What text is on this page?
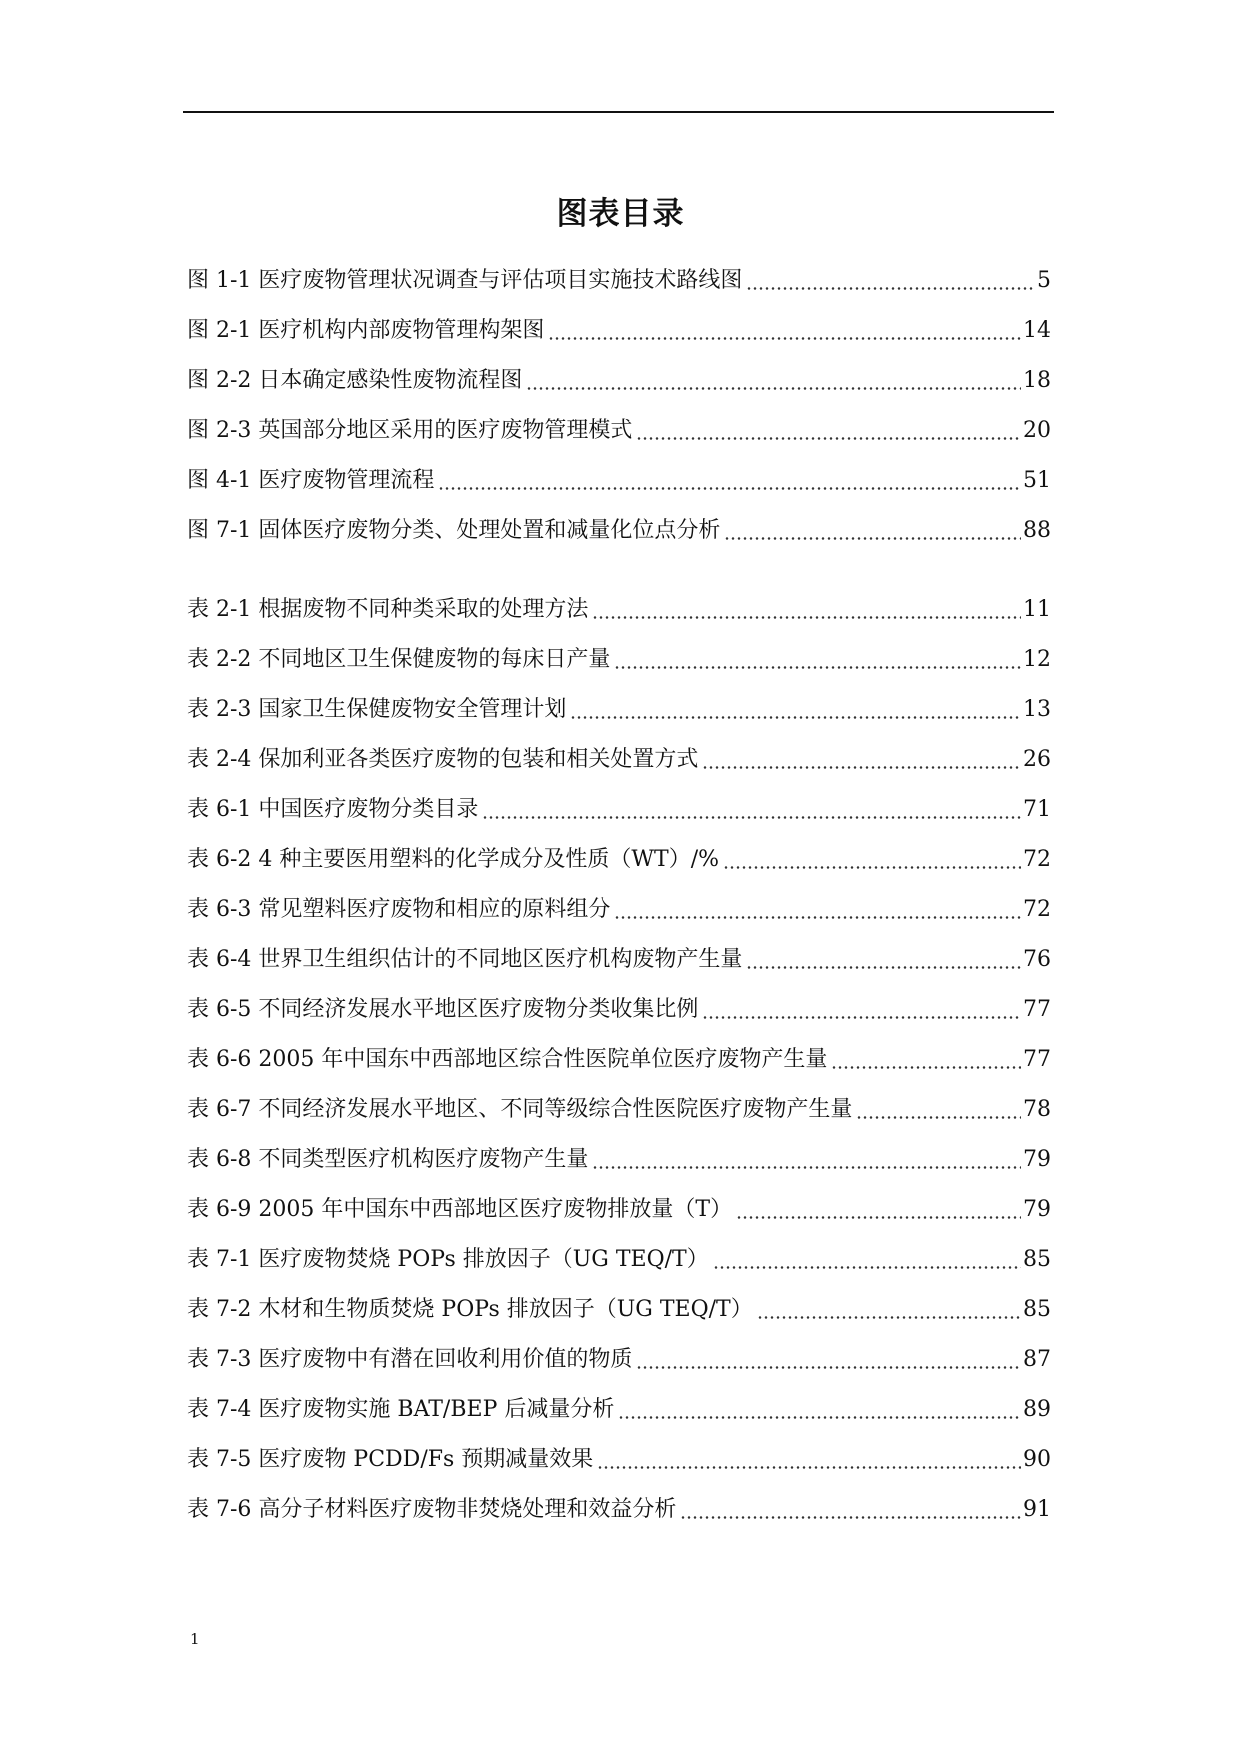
图表目录
图 1-1 医疗废物管理状况调查与评估项目实施技术路线图	5
图 2-1 医疗机构内部废物管理构架图	14
图 2-2 日本确定感染性废物流程图	18
图 2-3 英国部分地区采用的医疗废物管理模式	20
图 4-1 医疗废物管理流程	51
图 7-1 固体医疗废物分类、处理处置和减量化位点分析	88
表 2-1 根据废物不同种类采取的处理方法	11
表 2-2 不同地区卫生保健废物的每床日产量	12
表 2-3 国家卫生保健废物安全管理计划	13
表 2-4 保加利亚各类医疗废物的包装和相关处置方式	26
表 6-1 中国医疗废物分类目录	71
表 6-2 4 种主要医用塑料的化学成分及性质（WT）/%	72
表 6-3 常见塑料医疗废物和相应的原料组分	72
表 6-4 世界卫生组织估计的不同地区医疗机构废物产生量	76
表 6-5 不同经济发展水平地区医疗废物分类收集比例	77
表 6-6 2005 年中国东中西部地区综合性医院单位医疗废物产生量	77
表 6-7 不同经济发展水平地区、不同等级综合性医院医疗废物产生量	78
表 6-8 不同类型医疗机构医疗废物产生量	79
表 6-9 2005 年中国东中西部地区医疗废物排放量（T）	79
表 7-1 医疗废物焚烧 POPs 排放因子（UG TEQ/T）	85
表 7-2 木材和生物质焚烧 POPs 排放因子（UG TEQ/T）	85
表 7-3 医疗废物中有潜在回收利用价值的物质	87
表 7-4 医疗废物实施 BAT/BEP 后减量分析	89
表 7-5 医疗废物 PCDD/Fs 预期减量效果	90
表 7-6 高分子材料医疗废物非焚烧处理和效益分析	91
1
